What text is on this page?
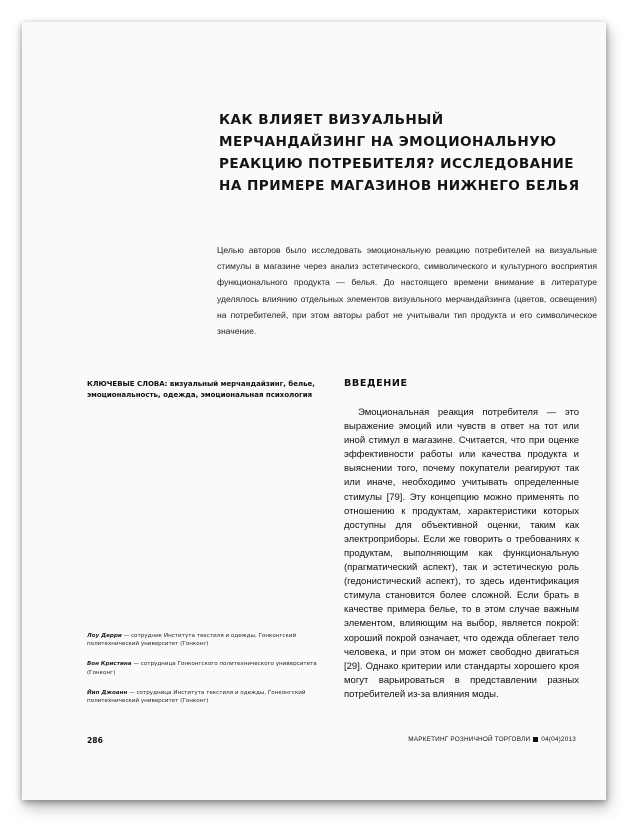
КАК ВЛИЯЕТ ВИЗУАЛЬНЫЙ МЕРЧАНДАЙЗИНГ НА ЭМОЦИОНАЛЬНУЮ РЕАКЦИЮ ПОТРЕБИТЕЛЯ? ИССЛЕДОВАНИЕ НА ПРИМЕРЕ МАГАЗИНОВ НИЖНЕГО БЕЛЬЯ

Целью авторов было исследовать эмоциональную реакцию потребителей на визуальные стимулы в магазине через анализ эстетического, символического и культурного восприятия функционального продукта — белья. До настоящего времени внимание в литературе уделялось влиянию отдельных элементов визуального мерчандайзинга (цветов, освещения) на потребителей, при этом авторы работ не учитывали тип продукта и его символическое значение.

КЛЮЧЕВЫЕ СЛОВА: визуальный мерчандайзинг, белье, эмоциональность, одежда, эмоциональная психология

ВВЕДЕНИЕ

Эмоциональная реакция потребителя — это выражение эмоций или чувств в ответ на тот или иной стимул в магазине. Считается, что при оценке эффективности работы или качества продукта и выяснении того, почему покупатели реагируют так или иначе, необходимо учитывать определенные стимулы [79]. Эту концепцию можно применять по отношению к продуктам, характеристики которых доступны для объективной оценки, таким как электроприборы. Если же говорить о требованиях к продуктам, выполняющим как функциональную (прагматический аспект), так и эстетическую роль (гедонистический аспект), то здесь идентификация стимула становится более сложной. Если брать в качестве примера белье, то в этом случае важным элементом, влияющим на выбор, является покрой: хороший покрой означает, что одежда облегает тело человека, и при этом он может свободно двигаться [29]. Однако критерии или стандарты хорошего кроя могут варьироваться в представлении разных потребителей из-за влияния моды.

Лоу Дерри — сотрудник Института текстиля и одежды, Гонконгский политехнический университет (Гонконг)

Вон Кристина — сотрудница Гонконгского политехнического университета (Гонконг)

Йип Джоанн — сотрудница Института текстиля и одежды, Гонконгский политехнический университет (Гонконг)

286	МАРКЕТИНГ РОЗНИЧНОЙ ТОРГОВЛИ 04(04)2013
